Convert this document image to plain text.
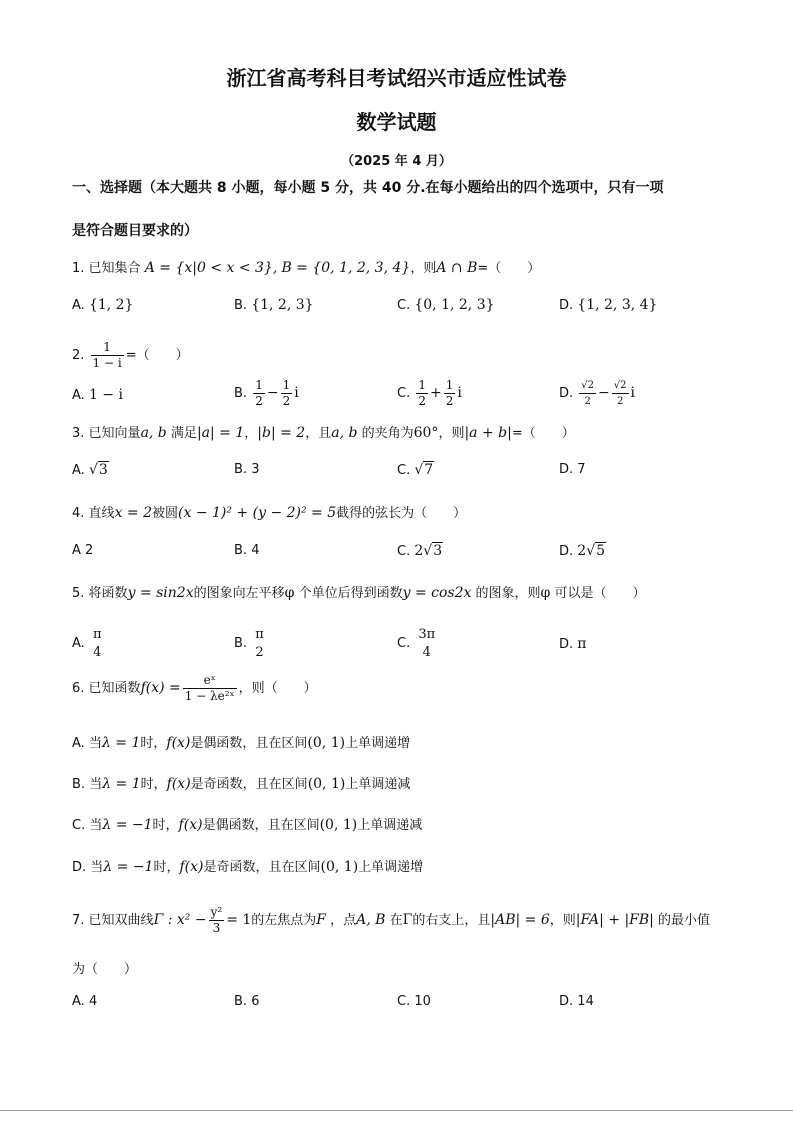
浙江省高考科目考试绍兴市适应性试卷
数学试题
（2025 年 4 月）
一、选择题（本大题共 8 小题，每小题 5 分，共 40 分.在每小题给出的四个选项中，只有一项
是符合题目要求的）
1. 已知集合 A = {x|0 < x < 3}, B = {0, 1, 2, 3, 4}，则A ∩ B=（　　）
A. {1, 2}	B. {1, 2, 3}	C. {0, 1, 2, 3}	D. {1, 2, 3, 4}
2. $\frac{1}{1 - i}$ =（　　）
A. 1 − i	B. $\frac{1}{2} - \frac{1}{2}$ i	C. $\frac{1}{2} + \frac{1}{2}$ i	D. $\frac{√2}{2} - \frac{√2}{2}$ i
3. 已知向量a, b 满足|a| = 1，|b| = 2，且a, b 的夹角为60°，则|a + b|=（　　）
A. √3	B. 3	C. √7	D. 7
4. 直线x = 2被圆(x − 1)² + (y − 2)² = 5截得的弦长为（　　）
A 2	B. 4	C. 2√3	D. 2√5
5. 将函数y = sin2x的图象向左平移φ 个单位后得到函数y = cos2x 的图象，则φ 可以是（　　）
A.
π
4
B.
π
2
C.
3π
4	D. π
6. 已知函数$f(x) = \frac{\text{eˣ}}{\text{1 − λe²ˣ}}$ ，则（　　）
A. 当λ = 1时，f(x)是偶函数，且在区间(0, 1)上单调递增
B. 当λ = 1时，f(x)是奇函数，且在区间(0, 1)上单调递减
C. 当λ = −1时，f(x)是偶函数，且在区间(0, 1)上单调递减
D. 当λ = −1时，f(x)是奇函数，且在区间(0, 1)上单调递增
7. 已知双曲线Γ : $x^2 - \frac{\text{y²}}{3} = 1$的左焦点为F ，点A, B 在Γ的右支上，且|AB| = 6，则|FA| + |FB| 的最小值
为（　　）
A. 4	B. 6	C. 10	D. 14
